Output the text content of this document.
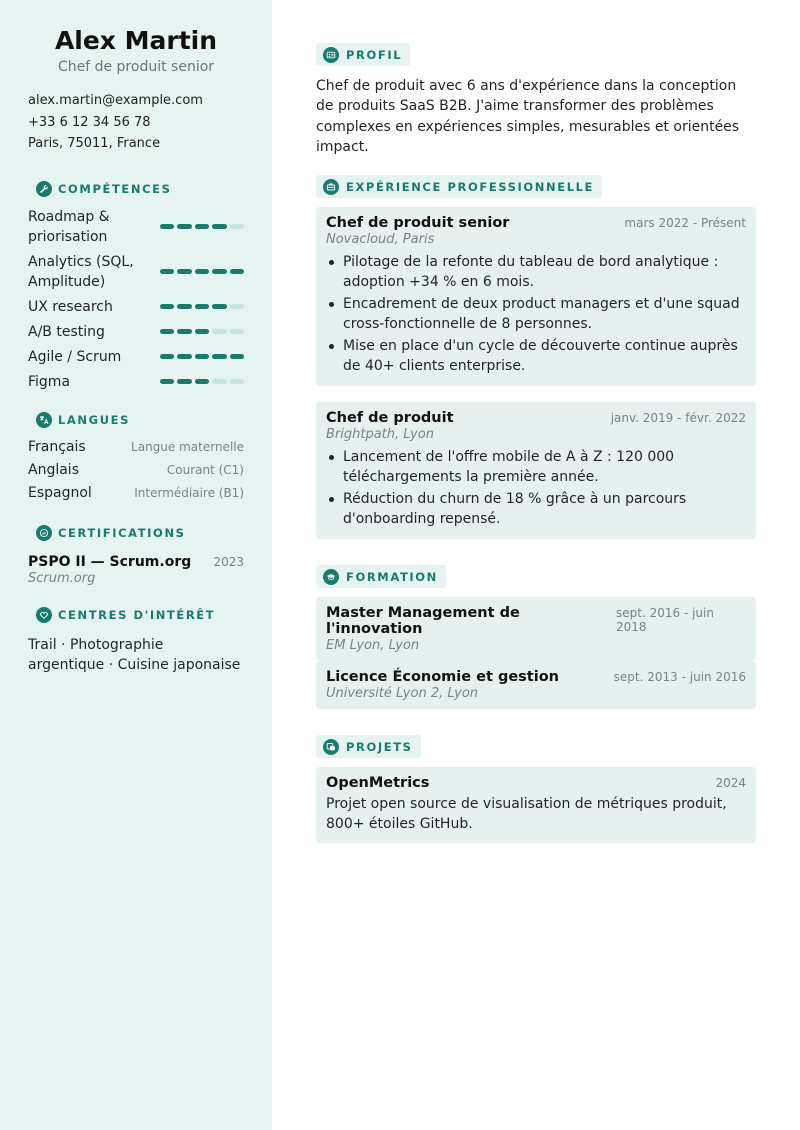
Alex Martin
Chef de produit senior
alex.martin@example.com
+33 6 12 34 56 78
Paris, 75011, France
COMPÉTENCES
Roadmap & priorisation
Analytics (SQL, Amplitude)
UX research
A/B testing
Agile / Scrum
Figma
LANGUES
Français	Langue maternelle
Anglais	Courant (C1)
Espagnol	Intermédiaire (B1)
CERTIFICATIONS
PSPO II — Scrum.org 2023
Scrum.org
CENTRES D'INTÉRÊT
Trail · Photographie argentique · Cuisine japonaise
PROFIL
Chef de produit avec 6 ans d'expérience dans la conception de produits SaaS B2B. J'aime transformer des problèmes complexes en expériences simples, mesurables et orientées impact.
EXPÉRIENCE PROFESSIONNELLE
Chef de produit senior	mars 2022 - Présent
Novacloud, Paris
Pilotage de la refonte du tableau de bord analytique : adoption +34 % en 6 mois.
Encadrement de deux product managers et d'une squad cross-fonctionnelle de 8 personnes.
Mise en place d'un cycle de découverte continue auprès de 40+ clients enterprise.
Chef de produit	janv. 2019 - févr. 2022
Brightpath, Lyon
Lancement de l'offre mobile de A à Z : 120 000 téléchargements la première année.
Réduction du churn de 18 % grâce à un parcours d'onboarding repensé.
FORMATION
Master Management de l'innovation
sept. 2016 - juin 2018
EM Lyon, Lyon
Licence Économie et gestion	sept. 2013 - juin 2016
Université Lyon 2, Lyon
PROJETS
OpenMetrics	2024
Projet open source de visualisation de métriques produit, 800+ étoiles GitHub.
